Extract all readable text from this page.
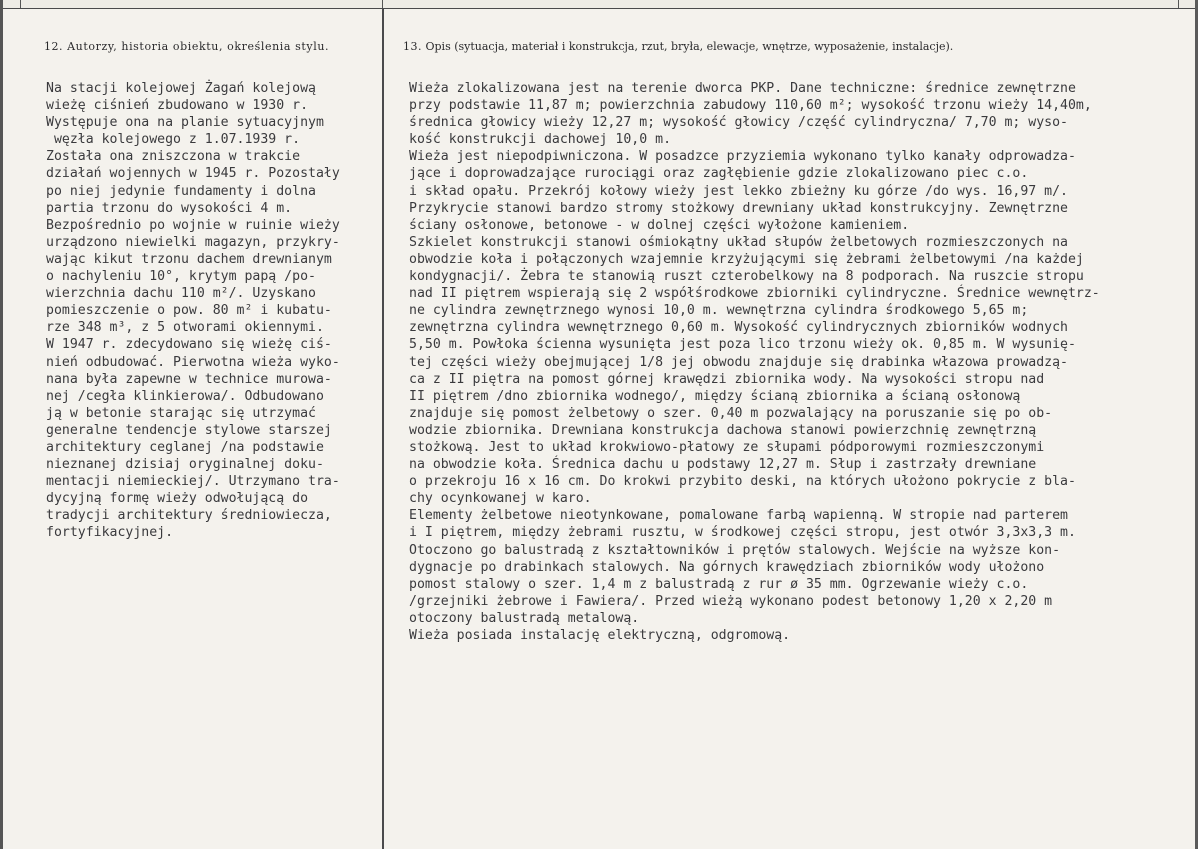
12. Autorzy, historia obiektu, określenia stylu.	13. Opis (sytuacja, materiał i konstrukcja, rzut, bryła, elewacje, wnętrze, wyposażenie, instalacje).
Na stacji kolejowej Żagań kolejową
wieżę ciśnień zbudowano w 1930 r.
Występuje ona na planie sytuacyjnym
węzła kolejowego z 1.07.1939 r.
Została ona zniszczona w trakcie
działań wojennych w 1945 r. Pozostały
po niej jedynie fundamenty i dolna
partia trzonu do wysokości 4 m.
Bezpośrednio po wojnie w ruinie wieży
urządzono niewielki magazyn, przykry-
wając kikut trzonu dachem drewnianym
o nachyleniu 10°, krytym papą /po-
wierzchnia dachu 110 m²/. Uzyskano
pomieszczenie o pow. 80 m² i kubatu-
rze 348 m³, z 5 otworami okiennymi.
W 1947 r. zdecydowano się wieżę ciś-
nień odbudować. Pierwotna wieża wyko-
nana była zapewne w technice murowa-
nej /cegła klinkierowa/. Odbudowano
ją w betonie starając się utrzymać
generalne tendencje stylowe starszej
architektury ceglanej /na podstawie
nieznanej dzisiaj oryginalnej doku-
mentacji niemieckiej/. Utrzymano tra-
dycyjną formę wieży odwołującą do
tradycji architektury średniowiecza,
fortyfikacyjnej.
Wieża zlokalizowana jest na terenie dworca PKP. Dane techniczne: średnice zewnętrzne
przy podstawie 11,87 m; powierzchnia zabudowy 110,60 m²; wysokość trzonu wieży 14,40m,
średnica głowicy wieży 12,27 m; wysokość głowicy /część cylindryczna/ 7,70 m; wyso-
kość konstrukcji dachowej 10,0 m.
Wieża jest niepodpiwniczona. W posadzce przyziemia wykonano tylko kanały odprowadza-
jące i doprowadzające rurociągi oraz zagłębienie gdzie zlokalizowano piec c.o.
i skład opału. Przekrój kołowy wieży jest lekko zbieżny ku górze /do wys. 16,97 m/.
Przykrycie stanowi bardzo stromy stożkowy drewniany układ konstrukcyjny. Zewnętrzne
ściany osłonowe, betonowe - w dolnej części wyłożone kamieniem.
Szkielet konstrukcji stanowi ośmiokątny układ słupów żelbetowych rozmieszczonych na
obwodzie koła i połączonych wzajemnie krzyżującymi się żebrami żelbetowymi /na każdej
kondygnacji/. Żebra te stanowią ruszt czterobelkowy na 8 podporach. Na ruszcie stropu
nad II piętrem wspierają się 2 współśrodkowe zbiorniki cylindryczne. Średnice wewnętrz-
ne cylindra zewnętrznego wynosi 10,0 m. wewnętrzna cylindra środkowego 5,65 m;
zewnętrzna cylindra wewnętrznego 0,60 m. Wysokość cylindrycznych zbiorników wodnych
5,50 m. Powłoka ścienna wysunięta jest poza lico trzonu wieży ok. 0,85 m. W wysunię-
tej części wieży obejmującej 1/8 jej obwodu znajduje się drabinka włazowa prowadzą-
ca z II piętra na pomost górnej krawędzi zbiornika wody. Na wysokości stropu nad
II piętrem /dno zbiornika wodnego/, między ścianą zbiornika a ścianą osłonową
znajduje się pomost żelbetowy o szer. 0,40 m pozwalający na poruszanie się po ob-
wodzie zbiornika. Drewniana konstrukcja dachowa stanowi powierzchnię zewnętrzną
stożkową. Jest to układ krokwiowo-płatowy ze słupami pódporowymi rozmieszczonymi
na obwodzie koła. Średnica dachu u podstawy 12,27 m. Słup i zastrzały drewniane
o przekroju 16 x 16 cm. Do krokwi przybito deski, na których ułożono pokrycie z bla-
chy ocynkowanej w karo.
Elementy żelbetowe nieotynkowane, pomalowane farbą wapienną. W stropie nad parterem
i I piętrem, między żebrami rusztu, w środkowej części stropu, jest otwór 3,3x3,3 m.
Otoczono go balustradą z kształtowników i prętów stalowych. Wejście na wyższe kon-
dygnacje po drabinkach stalowych. Na górnych krawędziach zbiorników wody ułożono
pomost stalowy o szer. 1,4 m z balustradą z rur ø 35 mm. Ogrzewanie wieży c.o.
/grzejniki żebrowe i Fawiera/. Przed wieżą wykonano podest betonowy 1,20 x 2,20 m
otoczony balustradą metalową.
Wieża posiada instalację elektryczną, odgromową.
